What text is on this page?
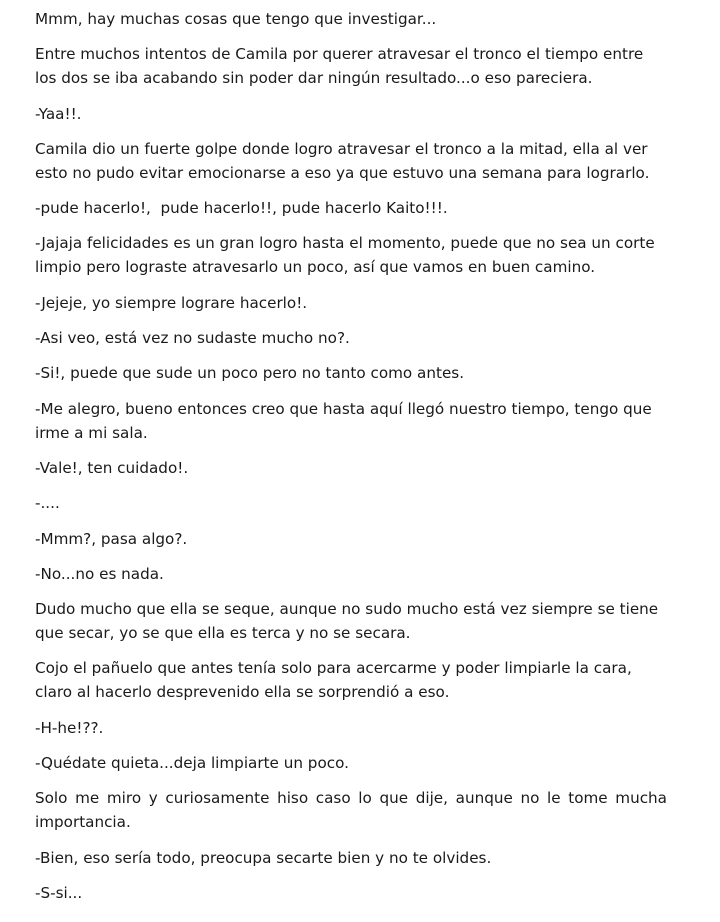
Mmm, hay muchas cosas que tengo que investigar...

Entre muchos intentos de Camila por querer atravesar el tronco el tiempo entre los dos se iba acabando sin poder dar ningún resultado...o eso pareciera.

-Yaa!!.

Camila dio un fuerte golpe donde logro atravesar el tronco a la mitad, ella al ver esto no pudo evitar emocionarse a eso ya que estuvo una semana para lograrlo.

-pude hacerlo!,  pude hacerlo!!, pude hacerlo Kaito!!!.

-Jajaja felicidades es un gran logro hasta el momento, puede que no sea un corte limpio pero lograste atravesarlo un poco, así que vamos en buen camino.

-Jejeje, yo siempre lograre hacerlo!.

-Asi veo, está vez no sudaste mucho no?.

-Si!, puede que sude un poco pero no tanto como antes.

-Me alegro, bueno entonces creo que hasta aquí llegó nuestro tiempo, tengo que irme a mi sala.

-Vale!, ten cuidado!.

-....

-Mmm?, pasa algo?.

-No...no es nada.

Dudo mucho que ella se seque, aunque no sudo mucho está vez siempre se tiene que secar, yo se que ella es terca y no se secara.

Cojo el pañuelo que antes tenía solo para acercarme y poder limpiarle la cara, claro al hacerlo desprevenido ella se sorprendió a eso.

-H-he!??.

-Quédate quieta...deja limpiarte un poco.

Solo me miro y curiosamente hiso caso lo que dije, aunque no le tome mucha importancia.

-Bien, eso sería todo, preocupa secarte bien y no te olvides.

-S-si...
